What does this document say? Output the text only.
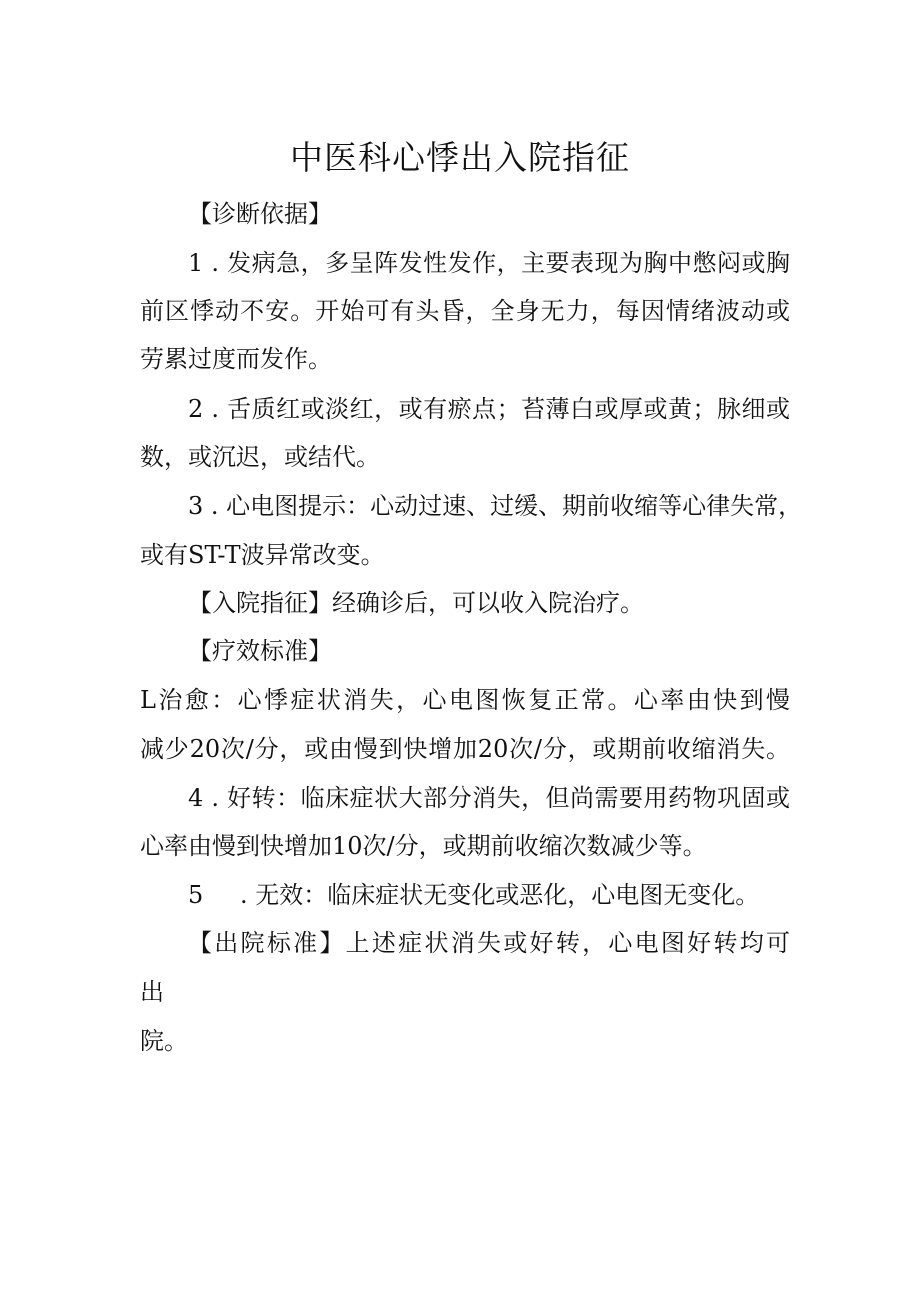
中医科心悸出入院指征
【诊断依据】
1 . 发病急，多呈阵发性发作，主要表现为胸中憋闷或胸
前区悸动不安。开始可有头昏，全身无力，每因情绪波动或
劳累过度而发作。
2 . 舌质红或淡红，或有瘀点；苔薄白或厚或黄；脉细或
数，或沉迟，或结代。
3 . 心电图提示：心动过速、过缓、期前收缩等心律失常，
或有ST-T波异常改变。
【入院指征】经确诊后，可以收入院治疗。
【疗效标准】
L治愈：心悸症状消失，心电图恢复正常。心率由快到慢
减少20次/分，或由慢到快增加20次/分，或期前收缩消失。
4 . 好转：临床症状大部分消失，但尚需要用药物巩固或
心率由慢到快增加10次/分，或期前收缩次数减少等。
5 . 无效：临床症状无变化或恶化，心电图无变化。
【出院标准】上述症状消失或好转，心电图好转均可
出
院。
